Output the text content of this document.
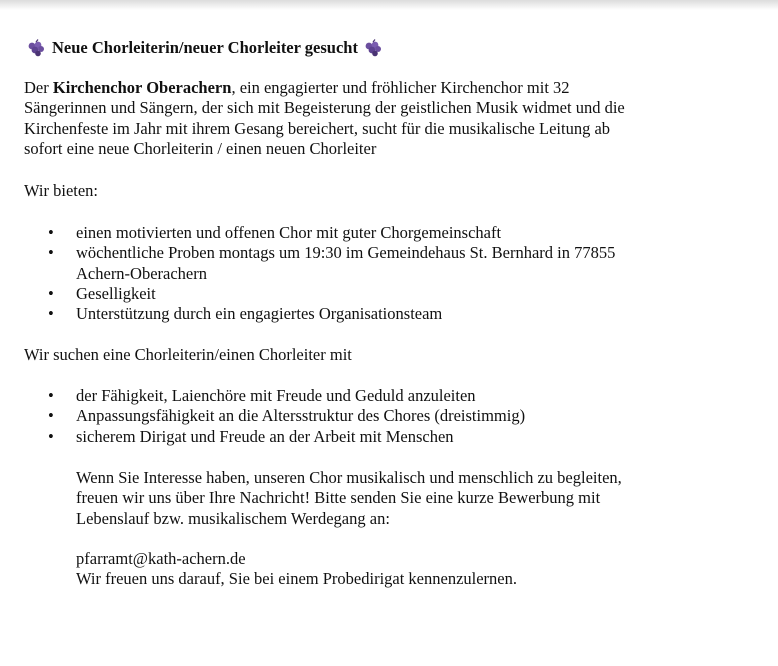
Neue Chorleiterin/neuer Chorleiter gesucht
Der Kirchenchor Oberachern, ein engagierter und fröhlicher Kirchenchor mit 32
Sängerinnen und Sängern, der sich mit Begeisterung der geistlichen Musik widmet und die
Kirchenfeste im Jahr mit ihrem Gesang bereichert, sucht für die musikalische Leitung ab
sofort eine neue Chorleiterin / einen neuen Chorleiter
Wir bieten:
• einen motivierten und offenen Chor mit guter Chorgemeinschaft
• wöchentliche Proben montags um 19:30 im Gemeindehaus St. Bernhard in 77855
Achern-Oberachern
• Geselligkeit
• Unterstützung durch ein engagiertes Organisationsteam
Wir suchen eine Chorleiterin/einen Chorleiter mit
• der Fähigkeit, Laienchöre mit Freude und Geduld anzuleiten
• Anpassungsfähigkeit an die Altersstruktur des Chores (dreistimmig)
• sicherem Dirigat und Freude an der Arbeit mit Menschen
Wenn Sie Interesse haben, unseren Chor musikalisch und menschlich zu begleiten,
freuen wir uns über Ihre Nachricht! Bitte senden Sie eine kurze Bewerbung mit
Lebenslauf bzw. musikalischem Werdegang an:
pfarramt@kath-achern.de
Wir freuen uns darauf, Sie bei einem Probedirigat kennenzulernen.
